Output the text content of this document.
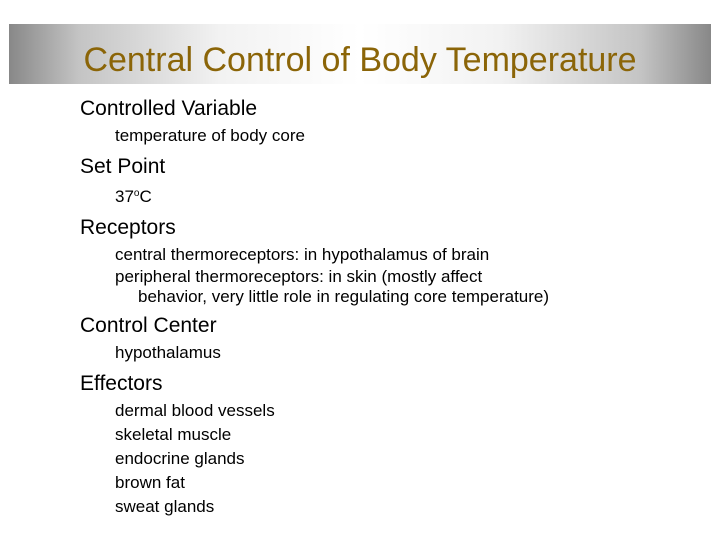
Central Control of Body Temperature
Controlled Variable
temperature of body core
Set Point
37$^o$C
Receptors
central thermoreceptors: in hypothalamus of brain
peripheral thermoreceptors: in skin (mostly affect
behavior, very little role in regulating core temperature)
Control Center
hypothalamus
Effectors
dermal blood vessels
skeletal muscle
endocrine glands
brown fat
sweat glands
